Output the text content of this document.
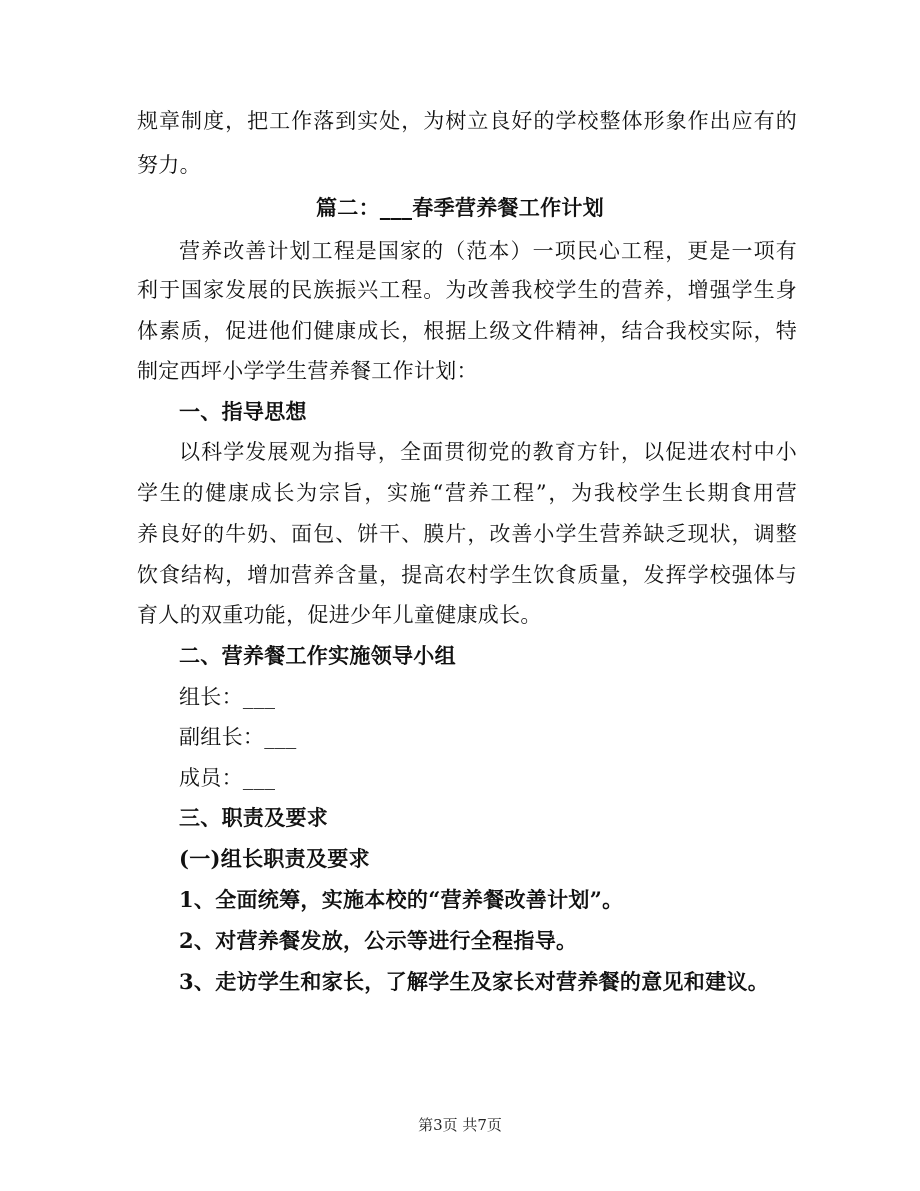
规章制度，把工作落到实处，为树立良好的学校整体形象作出应有的
努力。
篇二：___春季营养餐工作计划
营养改善计划工程是国家的（范本）一项民心工程，更是一项有
利于国家发展的民族振兴工程。为改善我校学生的营养，增强学生身
体素质，促进他们健康成长，根据上级文件精神，结合我校实际，特
制定西坪小学学生营养餐工作计划：
一、指导思想
以科学发展观为指导，全面贯彻党的教育方针，以促进农村中小
学生的健康成长为宗旨，实施“营养工程”，为我校学生长期食用营
养良好的牛奶、面包、饼干、膜片，改善小学生营养缺乏现状，调整
饮食结构，增加营养含量，提高农村学生饮食质量，发挥学校强体与
育人的双重功能，促进少年儿童健康成长。
二、营养餐工作实施领导小组
组长：___
副组长：___
成员：___
三、职责及要求
(一)组长职责及要求
1、全面统筹，实施本校的“营养餐改善计划”。
2、对营养餐发放，公示等进行全程指导。
3、走访学生和家长，了解学生及家长对营养餐的意见和建议。
第3页 共7页
